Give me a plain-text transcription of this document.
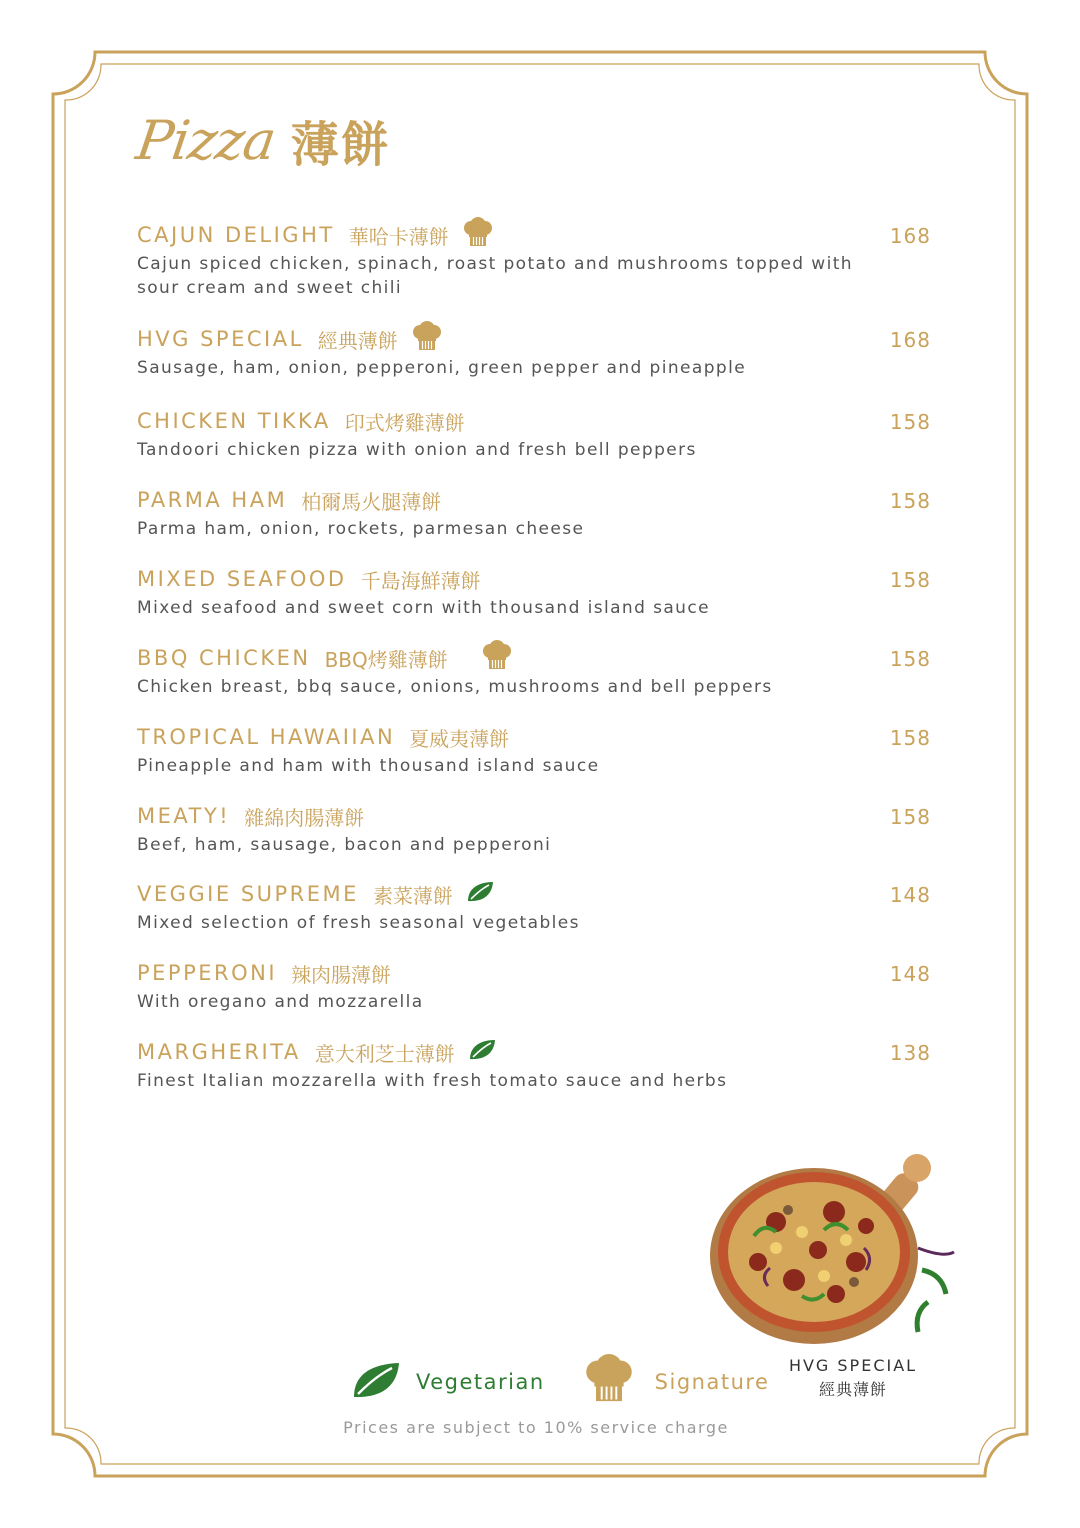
Pizza 薄餅
CAJUN DELIGHT 華哈卡薄餅
Cajun spiced chicken, spinach, roast potato and mushrooms topped with sour cream and sweet chili
168
HVG SPECIAL 經典薄餅
Sausage, ham, onion, pepperoni, green pepper and pineapple
168
CHICKEN TIKKA 印式烤雞薄餅
Tandoori chicken pizza with onion and fresh bell peppers
158
PARMA HAM 柏爾馬火腿薄餅
Parma ham, onion, rockets, parmesan cheese
158
MIXED SEAFOOD 千島海鮮薄餅
Mixed seafood and sweet corn with thousand island sauce
158
BBQ CHICKEN BBQ烤雞薄餅
Chicken breast, bbq sauce, onions, mushrooms and bell peppers
158
TROPICAL HAWAIIAN 夏威夷薄餅
Pineapple and ham with thousand island sauce
158
MEATY! 雜綿肉腸薄餅
Beef, ham, sausage, bacon and pepperoni
158
VEGGIE SUPREME 素菜薄餅
Mixed selection of fresh seasonal vegetables
148
PEPPERONI 辣肉腸薄餅
With oregano and mozzarella
148
MARGHERITA 意大利芝士薄餅
Finest Italian mozzarella with fresh tomato sauce and herbs
138
HVG SPECIAL
經典薄餅
Vegetarian	Signature
Prices are subject to 10% service charge
